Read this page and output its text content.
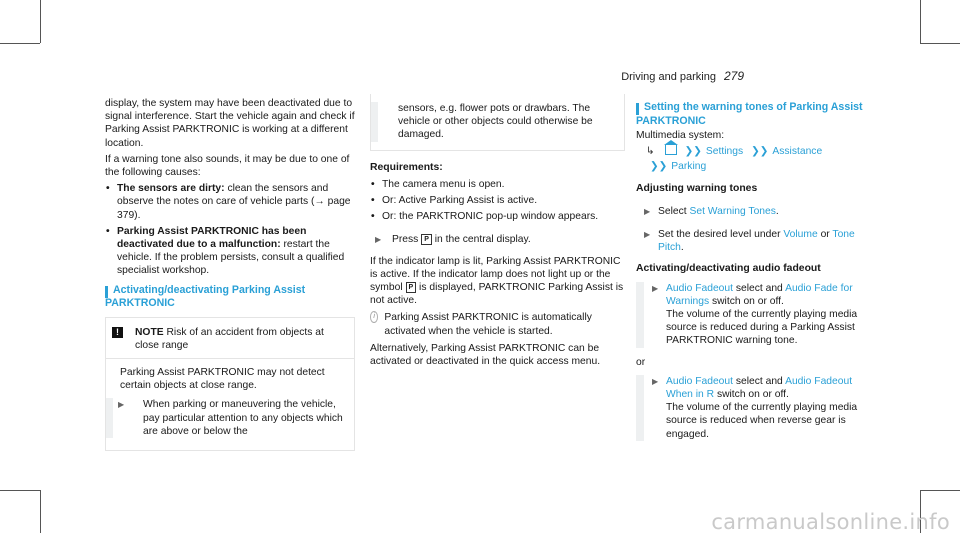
Driving and parking 279

display, the system may have been deactivated due to signal interference. Start the vehicle again and check if Parking Assist PARKTRONIC is working at a different location.

If a warning tone also sounds, it may be due to one of the following causes:

• The sensors are dirty: clean the sensors and observe the notes on care of vehicle parts (→ page 379).
• Parking Assist PARKTRONIC has been deactivated due to a malfunction: restart the vehicle. If the problem persists, consult a qualified specialist workshop.
Activating/deactivating Parking Assist
PARKTRONIC
!	NOTE Risk of an accident from objects at close range

Parking Assist PARKTRONIC may not detect certain objects at close range.

▶ When parking or maneuvering the vehicle, pay particular attention to any objects which are above or below the
sensors, e.g. flower pots or drawbars. The vehicle or other objects could otherwise be damaged.
Requirements:
• The camera menu is open.
• Or: Active Parking Assist is active.
• Or: the PARKTRONIC pop-up window appears.
▶ Press P in the central display.

If the indicator lamp is lit, Parking Assist PARKTRONIC is active. If the indicator lamp does not light up or the symbol P is displayed, PARKTRONIC Parking Assist is not active.

i Parking Assist PARKTRONIC is automatically activated when the vehicle is started.

Alternatively, Parking Assist PARKTRONIC can be activated or deactivated in the quick access menu.

Setting the warning tones of Parking Assist
PARKTRONIC

Multimedia system:

↳	❯❯ Settings ❯❯ Assistance
❯❯ Parking
Adjusting warning tones
▶ Select Set Warning Tones.
▶ Set the desired level under Volume or Tone
Pitch.
Activating/deactivating audio fadeout
▶ Audio Fadeout select and Audio Fade for
Warnings switch on or off.
The volume of the currently playing media source is reduced during a Parking Assist PARKTRONIC warning tone.

or

▶ Audio Fadeout select and Audio Fadeout
When in R switch on or off.
The volume of the currently playing media source is reduced when reverse gear is engaged.
carmanualsonline.info
